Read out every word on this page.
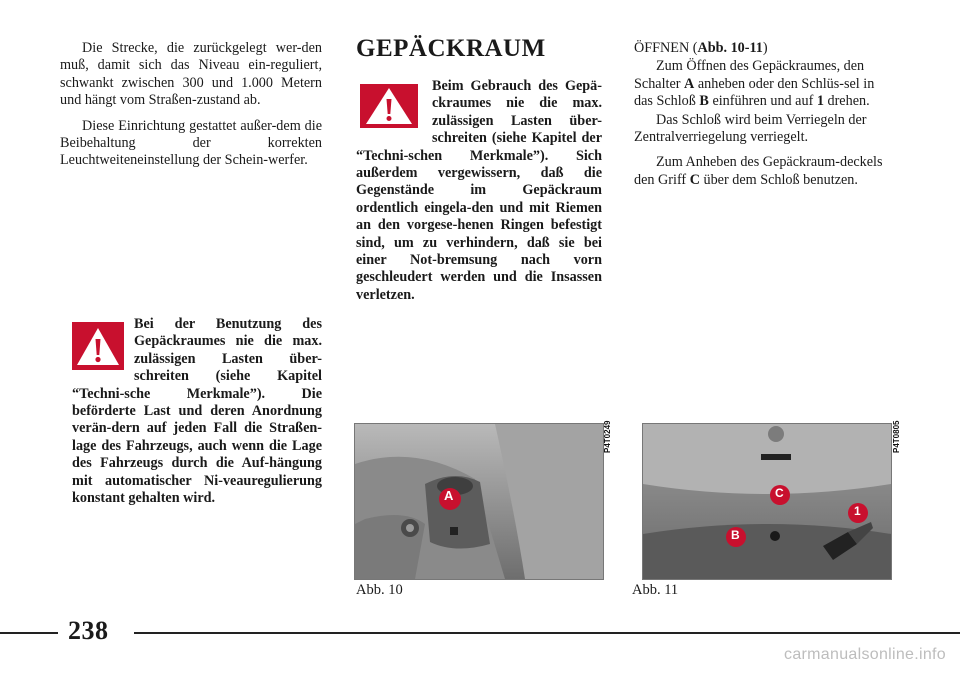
Die Strecke, die zurückgelegt wer-den muß, damit sich das Niveau ein-reguliert, schwankt zwischen 300 und 1.000 Metern und hängt vom Straßen-zustand ab.

Diese Einrichtung gestattet außer-dem die Beibehaltung der korrekten Leuchtweiteneinstellung der Schein-werfer.

Bei der Benutzung des Gepäckraumes nie die max. zulässigen Lasten über-schreiten (siehe Kapitel “Techni-sche Merkmale”). Die beförderte Last und deren Anordnung verän-dern auf jeden Fall die Straßen-lage des Fahrzeugs, auch wenn die Lage des Fahrzeugs durch die Auf-hängung mit automatischer Ni-veauregulierung konstant gehalten wird.
GEPÄCKRAUM
Beim Gebrauch des Gepä-ckraumes nie die max. zulässigen Lasten über-schreiten (siehe Kapitel der “Techni-schen Merkmale”). Sich außerdem vergewissern, daß die Gegenstände im Gepäckraum ordentlich eingela-den und mit Riemen an den vorgese-henen Ringen befestigt sind, um zu verhindern, daß sie bei einer Not-bremsung nach vorn geschleudert werden und die Insassen verletzen.

ÖFFNEN (Abb. 10-11)

Zum Öffnen des Gepäckraumes, den Schalter A anheben oder den Schlüs-sel in das Schloß B einführen und auf 1 drehen.

Das Schloß wird beim Verriegeln der Zentralverriegelung verriegelt.

Zum Anheben des Gepäckraum-deckels den Griff C über dem Schloß benutzen.

A
P4T0249
Abb. 10
C
B
1
P4T0805
Abb. 11
238
carmanualsonline.info
